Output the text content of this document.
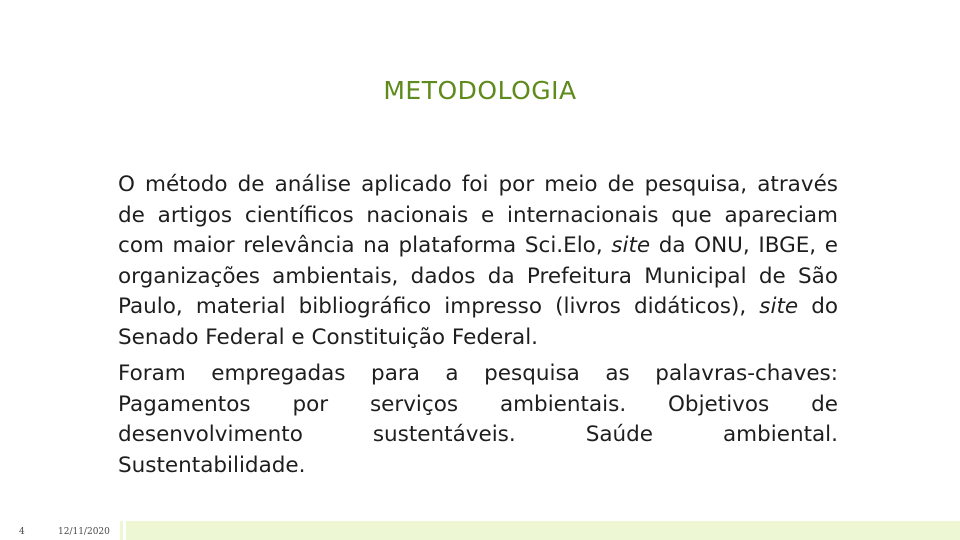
METODOLOGIA

O método de análise aplicado foi por meio de pesquisa, através de artigos científicos nacionais e internacionais que apareciam com maior relevância na plataforma Sci.Elo, site da ONU, IBGE, e organizações ambientais, dados da Prefeitura Municipal de São Paulo, material bibliográfico impresso (livros didáticos), site do Senado Federal e Constituição Federal.

Foram empregadas para a pesquisa as palavras-chaves:
Pagamentos por serviços ambientais. Objetivos de
desenvolvimento sustentáveis. Saúde ambiental.
Sustentabilidade.
4	12/11/2020
